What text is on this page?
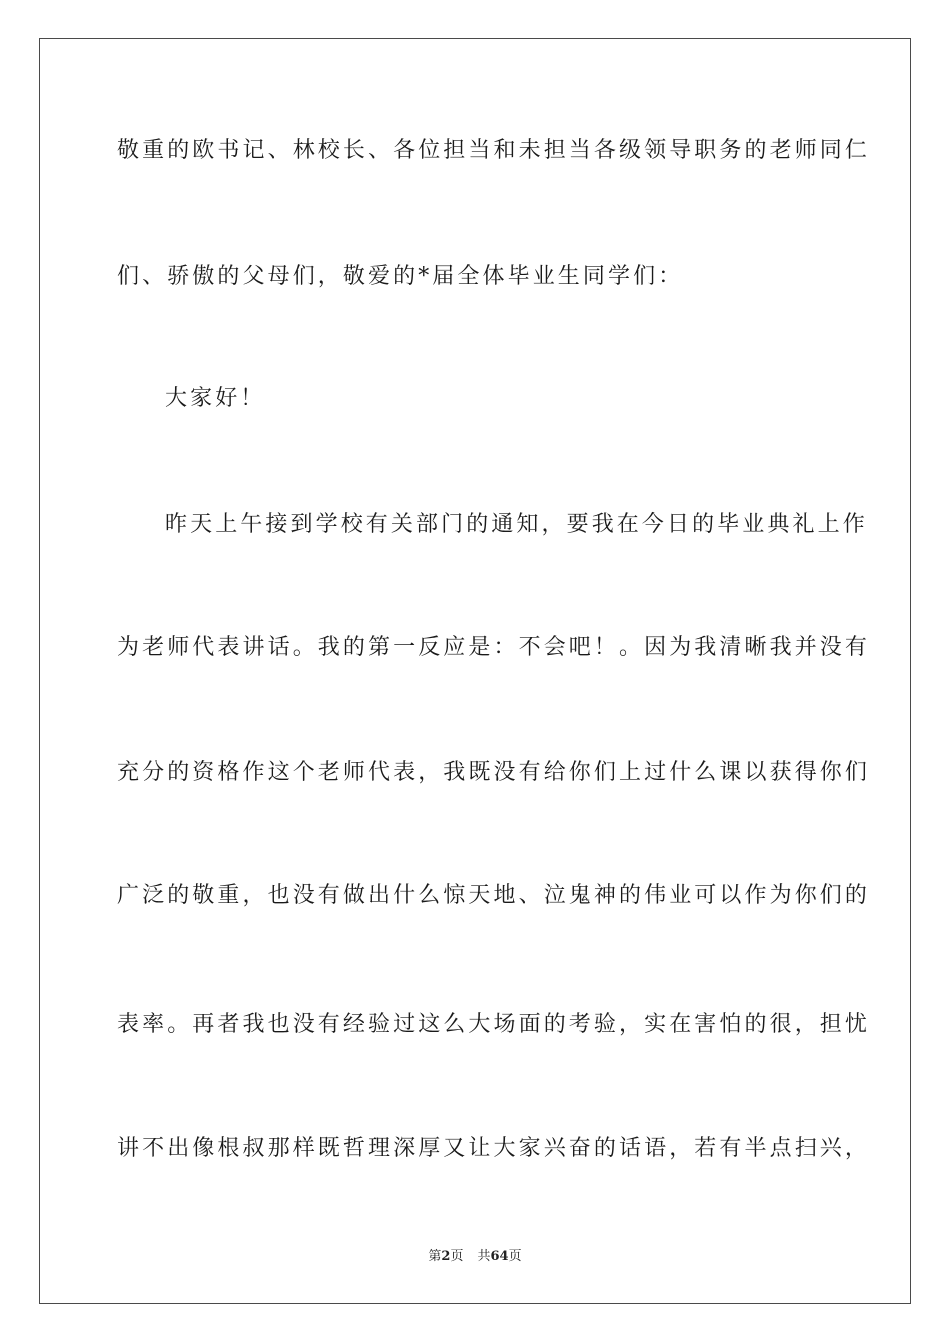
敬重的欧书记、林校长、各位担当和未担当各级领导职务的老师同仁
们、骄傲的父母们，敬爱的*届全体毕业生同学们：
大家好！
昨天上午接到学校有关部门的通知，要我在今日的毕业典礼上作
为老师代表讲话。我的第一反应是：不会吧！。因为我清晰我并没有
充分的资格作这个老师代表，我既没有给你们上过什么课以获得你们
广泛的敬重，也没有做出什么惊天地、泣鬼神的伟业可以作为你们的
表率。再者我也没有经验过这么大场面的考验，实在害怕的很，担忧
讲不出像根叔那样既哲理深厚又让大家兴奋的话语，若有半点扫兴，
第2页 共64页
